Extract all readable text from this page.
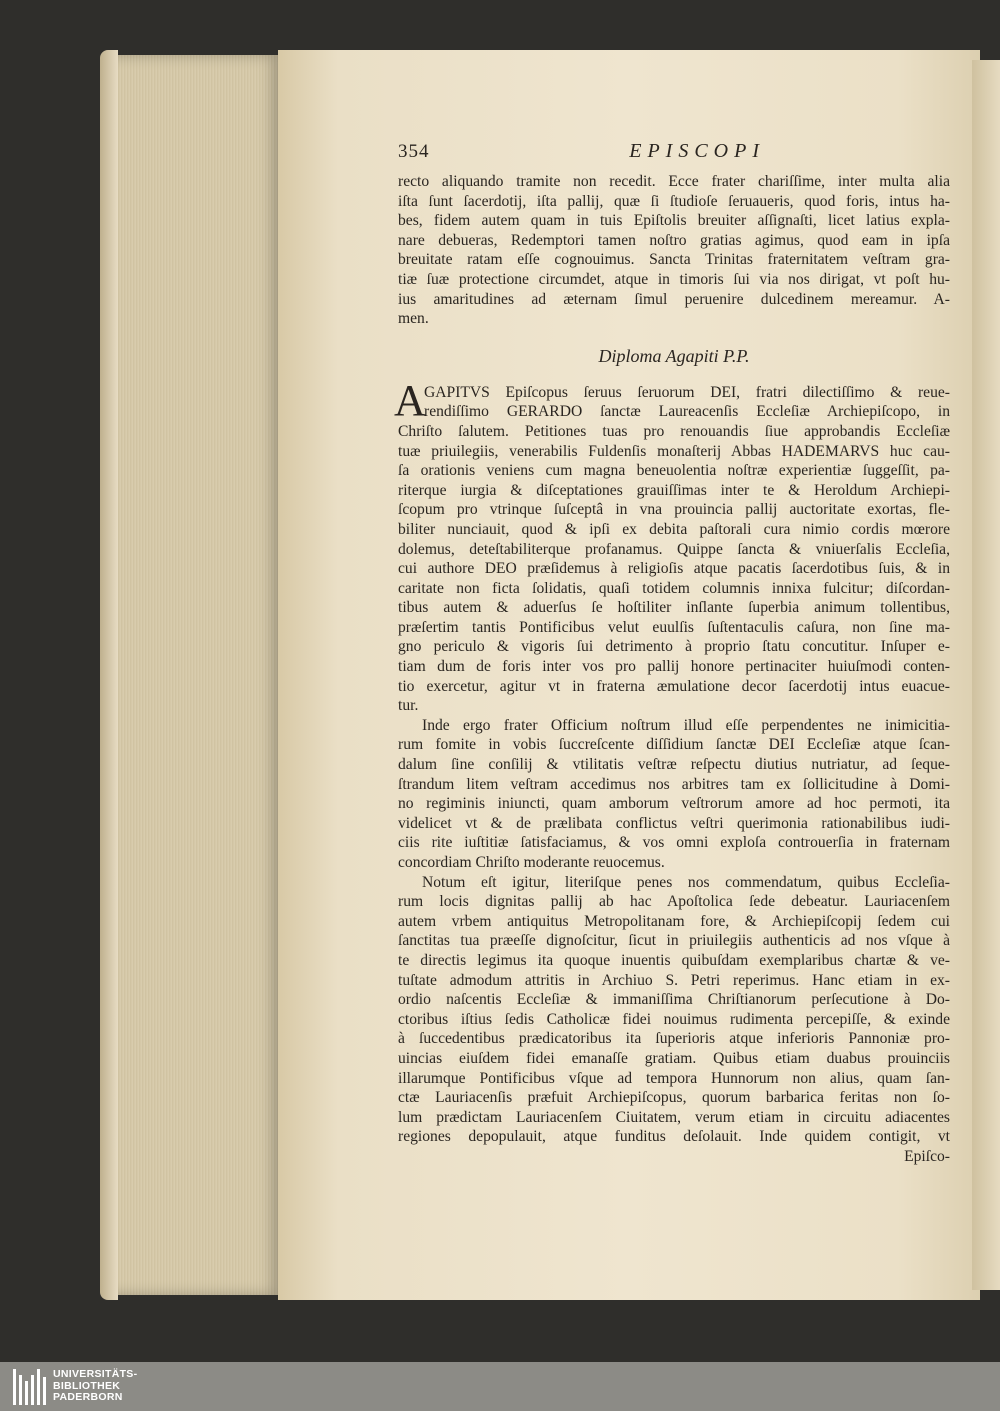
354	EPISCOPI
recto aliquando tramite non recedit. Ecce frater chariſſime, inter multa alia
iſta ſunt ſacerdotij, iſta pallij, quæ ſi ſtudioſe ſeruaueris, quod foris, intus ha-
bes, fidem autem quam in tuis Epiſtolis breuiter aſſignaſti, licet latius expla-
nare debueras, Redemptori tamen noſtro gratias agimus, quod eam in ipſa
breuitate ratam eſſe cognouimus. Sancta Trinitas fraternitatem veſtram gra-
tiæ ſuæ protectione circumdet, atque in timoris ſui via nos dirigat, vt poſt hu-
ius amaritudines ad æternam ſimul peruenire dulcedinem mereamur. A-
men.
Diploma Agapiti P.P.
A
GAPITVS Epiſcopus ſeruus ſeruorum DEI, fratri dilectiſſimo & reue-
rendiſſimo GERARDO ſanctæ Laureacenſis Eccleſiæ Archiepiſcopo, in
Chriſto ſalutem. Petitiones tuas pro renouandis ſiue approbandis Eccleſiæ
tuæ priuilegiis, venerabilis Fuldenſis monaſterij Abbas HADEMARVS huc cau-
ſa orationis veniens cum magna beneuolentia noſtræ experientiæ ſuggeſſit, pa-
riterque iurgia & diſceptationes grauiſſimas inter te & Heroldum Archiepi-
ſcopum pro vtrinque ſuſceptâ in vna prouincia pallij auctoritate exortas, fle-
biliter nunciauit, quod & ipſi ex debita paſtorali cura nimio cordis mœrore
dolemus, deteſtabiliterque profanamus. Quippe ſancta & vniuerſalis Eccleſia,
cui authore DEO præſidemus à religioſis atque pacatis ſacerdotibus ſuis, & in
caritate non ficta ſolidatis, quaſi totidem columnis innixa fulcitur; diſcordan-
tibus autem & aduerſus ſe hoſtiliter inſlante ſuperbia animum tollentibus,
præſertim tantis Pontificibus velut euulſis ſuſtentaculis caſura, non ſine ma-
gno periculo & vigoris ſui detrimento à proprio ſtatu concutitur. Inſuper e-
tiam dum de foris inter vos pro pallij honore pertinaciter huiuſmodi conten-
tio exercetur, agitur vt in fraterna æmulatione decor ſacerdotij intus euacue-
tur.
Inde ergo frater Officium noſtrum illud eſſe perpendentes ne inimicitia-
rum fomite in vobis ſuccreſcente diſſidium ſanctæ DEI Eccleſiæ atque ſcan-
dalum ſine conſilij & vtilitatis veſtræ reſpectu diutius nutriatur, ad ſeque-
ſtrandum litem veſtram accedimus nos arbitres tam ex ſollicitudine à Domi-
no regiminis iniuncti, quam amborum veſtrorum amore ad hoc permoti, ita
videlicet vt & de prælibata conflictus veſtri querimonia rationabilibus iudi-
ciis rite iuſtitiæ ſatisfaciamus, & vos omni exploſa controuerſia in fraternam
concordiam Chriſto moderante reuocemus.
Notum eſt igitur, literiſque penes nos commendatum, quibus Eccleſia-
rum locis dignitas pallij ab hac Apoſtolica ſede debeatur. Lauriacenſem
autem vrbem antiquitus Metropolitanam fore, & Archiepiſcopij ſedem cui
ſanctitas tua præeſſe dignoſcitur, ſicut in priuilegiis authenticis ad nos vſque à
te directis legimus ita quoque inuentis quibuſdam exemplaribus chartæ & ve-
tuſtate admodum attritis in Archiuo S. Petri reperimus. Hanc etiam in ex-
ordio naſcentis Eccleſiæ & immaniſſima Chriſtianorum perſecutione à Do-
ctoribus iſtius ſedis Catholicæ fidei nouimus rudimenta percepiſſe, & exinde
à ſuccedentibus prædicatoribus ita ſuperioris atque inferioris Pannoniæ pro-
uincias eiuſdem fidei emanaſſe gratiam. Quibus etiam duabus prouinciis
illarumque Pontificibus vſque ad tempora Hunnorum non alius, quam ſan-
ctæ Lauriacenſis præfuit Archiepiſcopus, quorum barbarica feritas non ſo-
lum prædictam Lauriacenſem Ciuitatem, verum etiam in circuitu adiacentes
regiones depopulauit, atque funditus deſolauit. Inde quidem contigit, vt
Epiſco-
UNIVERSITÄTS-
BIBLIOTHEK
PADERBORN
